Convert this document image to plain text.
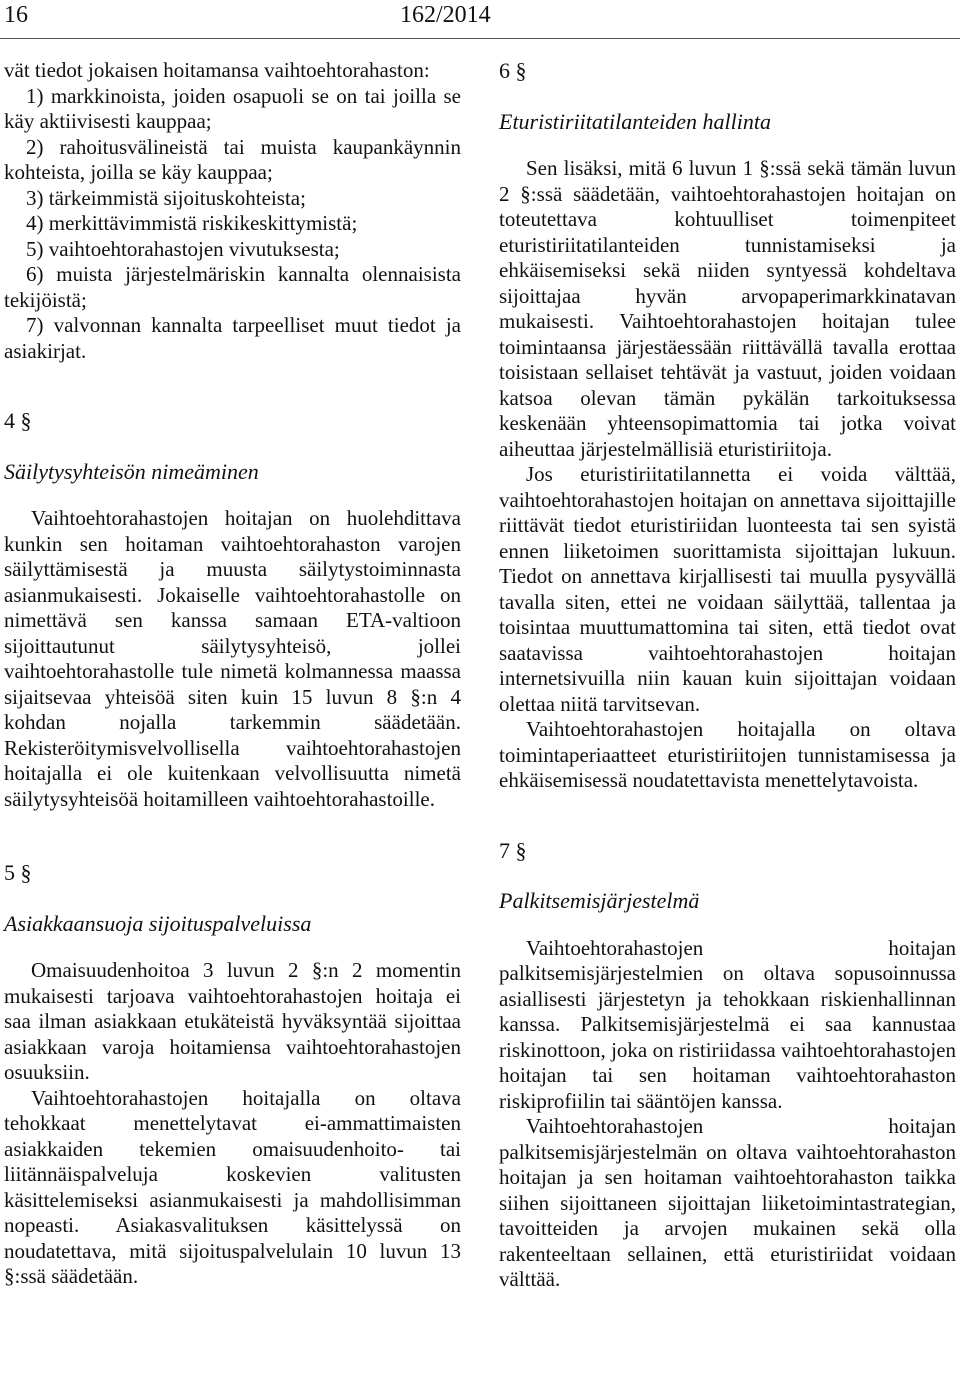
16	162/2014

vät tiedot jokaisen hoitamansa vaihtoehtorahaston:

1) markkinoista, joiden osapuoli se on tai joilla se käy aktiivisesti kauppaa;

2) rahoitusvälineistä tai muista kaupankäynnin kohteista, joilla se käy kauppaa;

3) tärkeimmistä sijoituskohteista;

4) merkittävimmistä riskikeskittymistä;

5) vaihtoehtorahastojen vivutuksesta;

6) muista järjestelmäriskin kannalta olennaisista tekijöistä;

7) valvonnan kannalta tarpeelliset muut tiedot ja asiakirjat.

4 §

Säilytysyhteisön nimeäminen

Vaihtoehtorahastojen hoitajan on huolehdittava kunkin sen hoitaman vaihtoehtorahaston varojen säilyttämisestä ja muusta säilytystoiminnasta asianmukaisesti. Jokaiselle vaihtoehtorahastolle on nimettävä sen kanssa samaan ETA-valtioon sijoittautunut säilytysyhteisö, jollei vaihtoehtorahastolle tule nimetä kolmannessa maassa sijaitsevaa yhteisöä siten kuin 15 luvun 8 §:n 4 kohdan nojalla tarkemmin säädetään. Rekisteröitymisvelvollisella vaihtoehtorahastojen hoitajalla ei ole kuitenkaan velvollisuutta nimetä säilytysyhteisöä hoitamilleen vaihtoehtorahastoille.

5 §

Asiakkaansuoja sijoituspalveluissa

Omaisuudenhoitoa 3 luvun 2 §:n 2 momentin mukaisesti tarjoava vaihtoehtorahastojen hoitaja ei saa ilman asiakkaan etukäteistä hyväksyntää sijoittaa asiakkaan varoja hoitamiensa vaihtoehtorahastojen osuuksiin.

Vaihtoehtorahastojen hoitajalla on oltava tehokkaat menettelytavat ei-ammattimaisten asiakkaiden tekemien omaisuudenhoito- tai liitännäispalveluja koskevien valitusten käsittelemiseksi asianmukaisesti ja mahdollisimman nopeasti. Asiakasvalituksen käsittelyssä on noudatettava, mitä sijoituspalvelulain 10 luvun 13 §:ssä säädetään.

6 §

Eturistiriitatilanteiden hallinta

Sen lisäksi, mitä 6 luvun 1 §:ssä sekä tämän luvun 2 §:ssä säädetään, vaihtoehtorahastojen hoitajan on toteutettava kohtuulliset toimenpiteet eturistiriitatilanteiden tunnistamiseksi ja ehkäisemiseksi sekä niiden syntyessä kohdeltava sijoittajaa hyvän arvopaperimarkkinatavan mukaisesti. Vaihtoehtorahastojen hoitajan tulee toimintaansa järjestäessään riittävällä tavalla erottaa toisistaan sellaiset tehtävät ja vastuut, joiden voidaan katsoa olevan tämän pykälän tarkoituksessa keskenään yhteensopimattomia tai jotka voivat aiheuttaa järjestelmällisiä eturistiriitoja.

Jos eturistiriitatilannetta ei voida välttää, vaihtoehtorahastojen hoitajan on annettava sijoittajille riittävät tiedot eturistiriidan luonteesta tai sen syistä ennen liiketoimen suorittamista sijoittajan lukuun. Tiedot on annettava kirjallisesti tai muulla pysyvällä tavalla siten, ettei ne voidaan säilyttää, tallentaa ja toisintaa muuttumattomina tai siten, että tiedot ovat saatavissa vaihtoehtorahastojen hoitajan internetsivuilla niin kauan kuin sijoittajan voidaan olettaa niitä tarvitsevan.

Vaihtoehtorahastojen hoitajalla on oltava toimintaperiaatteet eturistiriitojen tunnistamisessa ja ehkäisemisessä noudatettavista menettelytavoista.

7 §

Palkitsemisjärjestelmä

Vaihtoehtorahastojen hoitajan palkitsemisjärjestelmien on oltava sopusoinnussa asiallisesti järjestetyn ja tehokkaan riskienhallinnan kanssa. Palkitsemisjärjestelmä ei saa kannustaa riskinottoon, joka on ristiriidassa vaihtoehtorahastojen hoitajan tai sen hoitaman vaihtoehtorahaston riskiprofiilin tai sääntöjen kanssa.

Vaihtoehtorahastojen hoitajan palkitsemisjärjestelmän on oltava vaihtoehtorahaston hoitajan ja sen hoitaman vaihtoehtorahaston taikka siihen sijoittaneen sijoittajan liiketoimintastrategian, tavoitteiden ja arvojen mukainen sekä olla rakenteeltaan sellainen, että eturistiriidat voidaan välttää.
